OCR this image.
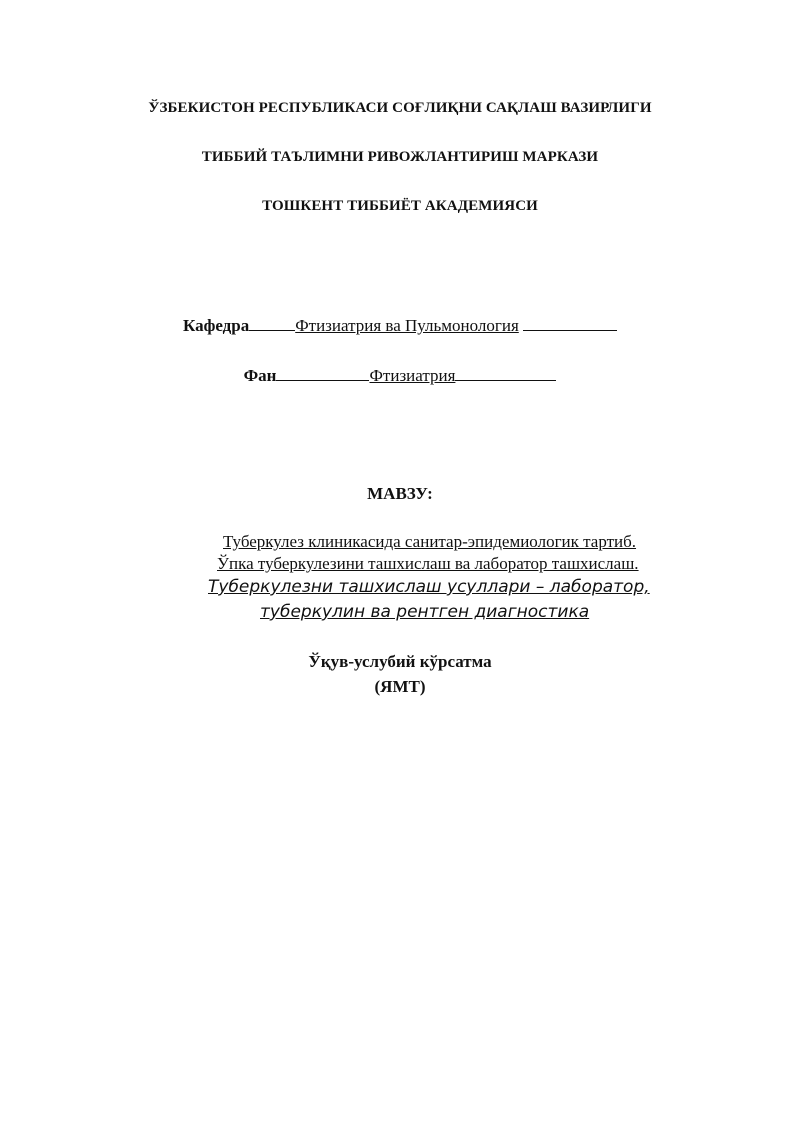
ЎЗБЕКИСТОН РЕСПУБЛИКАСИ СОҒЛИҚНИ САҚЛАШ ВАЗИРЛИГИ
ТИББИЙ ТАЪЛИМНИ РИВОЖЛАНТИРИШ МАРКАЗИ
ТОШКЕНТ ТИББИЁТ АКАДЕМИЯСИ
Кафедра	Фтизиатрия ва Пульмонология
Фан	Фтизиатрия
МАВЗУ:
Туберкулез клиникасида санитар-эпидемиологик тартиб.
Ўпка туберкулезини ташхислаш ва лаборатор ташхислаш.
Туберкулезни ташхислаш усуллари – лаборатор,
туберкулин ва рентген диагностика
Ўқув-услубий кўрсатма
(ЯМТ)
